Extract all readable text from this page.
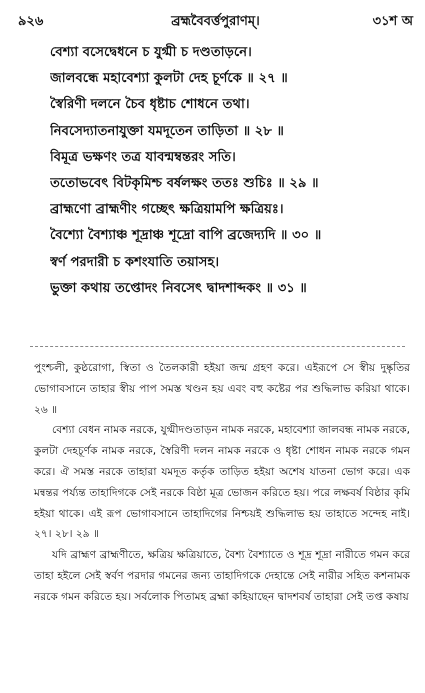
৯২৬	ব্রহ্মবৈবর্ত্তপুরাণম্।	৩১শ অ
বেশ্যা বসেদ্বেধনে চ যুগ্মী চ দণ্ডতাড়নে।
জালবন্ধে মহাবেশ্যা কুলটা দেহ চূর্ণকে ॥ ২৭ ॥
স্বৈরিণী দলনে চৈব ধৃষ্টাচ শোধনে তথা।
নিবসেদ্যাতনাযুক্তা যমদূতেন তাড়িতা ॥ ২৮ ॥
বিমূত্র ভক্ষণং তত্র যাবন্মম্বন্তরং সতি।
ততোভবেৎ বিটকৃমিশ্চ বর্ষলক্ষং ততঃ শুচিঃ ॥ ২৯ ॥
ব্রাহ্মণো ব্রাহ্মণীং গচ্ছেৎ ক্ষত্রিয়ামপি ক্ষত্রিয়ঃ।
বৈশ্যো বৈশ্যাঞ্চ শূদ্রাঞ্চ শূদ্রো বাপি ব্রজেদ্যদি ॥ ৩০ ॥
স্বর্ণ পরদারী চ কশংযাতি তয়াসহ।
ভুক্তা কথায় তপ্তোদং নিবসেৎ দ্বাদশাব্দকং ॥ ৩১ ॥

পুংশ্চলী, কুষ্ঠরোগা, স্বিতা ও তৈলকারী হইয়া জন্ম গ্রহণ করে। এইরূপে সে স্বীয় দুষ্কৃতির ভোগাবসানে তাহার স্বীয় পাপ সমস্ত খণ্ডন হয় এবং বহু কষ্টের পর শুদ্ধিলাভ করিয়া থাকে। ২৬ ॥

বেশ্যা বেধন নামক নরকে, যুগ্মীদণ্ডতাড়ন নামক নরকে, মহাবেশ্যা জালবন্ধ নামক নরকে, কুলটা দেহচূর্ণক নামক নরকে, স্বৈরিণী দলন নামক নরকে ও ধৃষ্টা শোধন নামক নরকে গমন করে। ঐ সমস্ত নরকে তাহারা যমদূত কর্তৃক তাড়িত হইয়া অশেষ যাতনা ভোগ করে। এক মন্বন্তর পর্য্যন্ত তাহাদিগকে সেই নরকে বিষ্ঠা মূত্র ভোজন করিতে হয়। পরে লক্ষবর্ষ বিষ্ঠার কৃমি হইয়া থাকে। এই রূপ ভোগাবসানে তাহাদিগের নিশ্চয়ই শুদ্ধিলাভ হয় তাহাতে সন্দেহ নাই। ২৭। ২৮। ২৯ ॥

যদি ব্রাহ্মণ ব্রাহ্মণীতে, ক্ষত্রিয় ক্ষত্রিয়াতে, বৈশ্য বৈশ্যাতে ও শূদ্র শূদ্রা নারীতে গমন করে তাহা হইলে সেই স্বর্বণ পরদার গমনের জন্য তাহাদিগকে দেহান্তে সেই নারীর সহিত কশনামক নরকে গমন করিতে হয়। সর্বলোক পিতামহ ব্রহ্মা কহিয়াছেন দ্বাদশবর্ষ তাহারা সেই তপ্ত কষায়
